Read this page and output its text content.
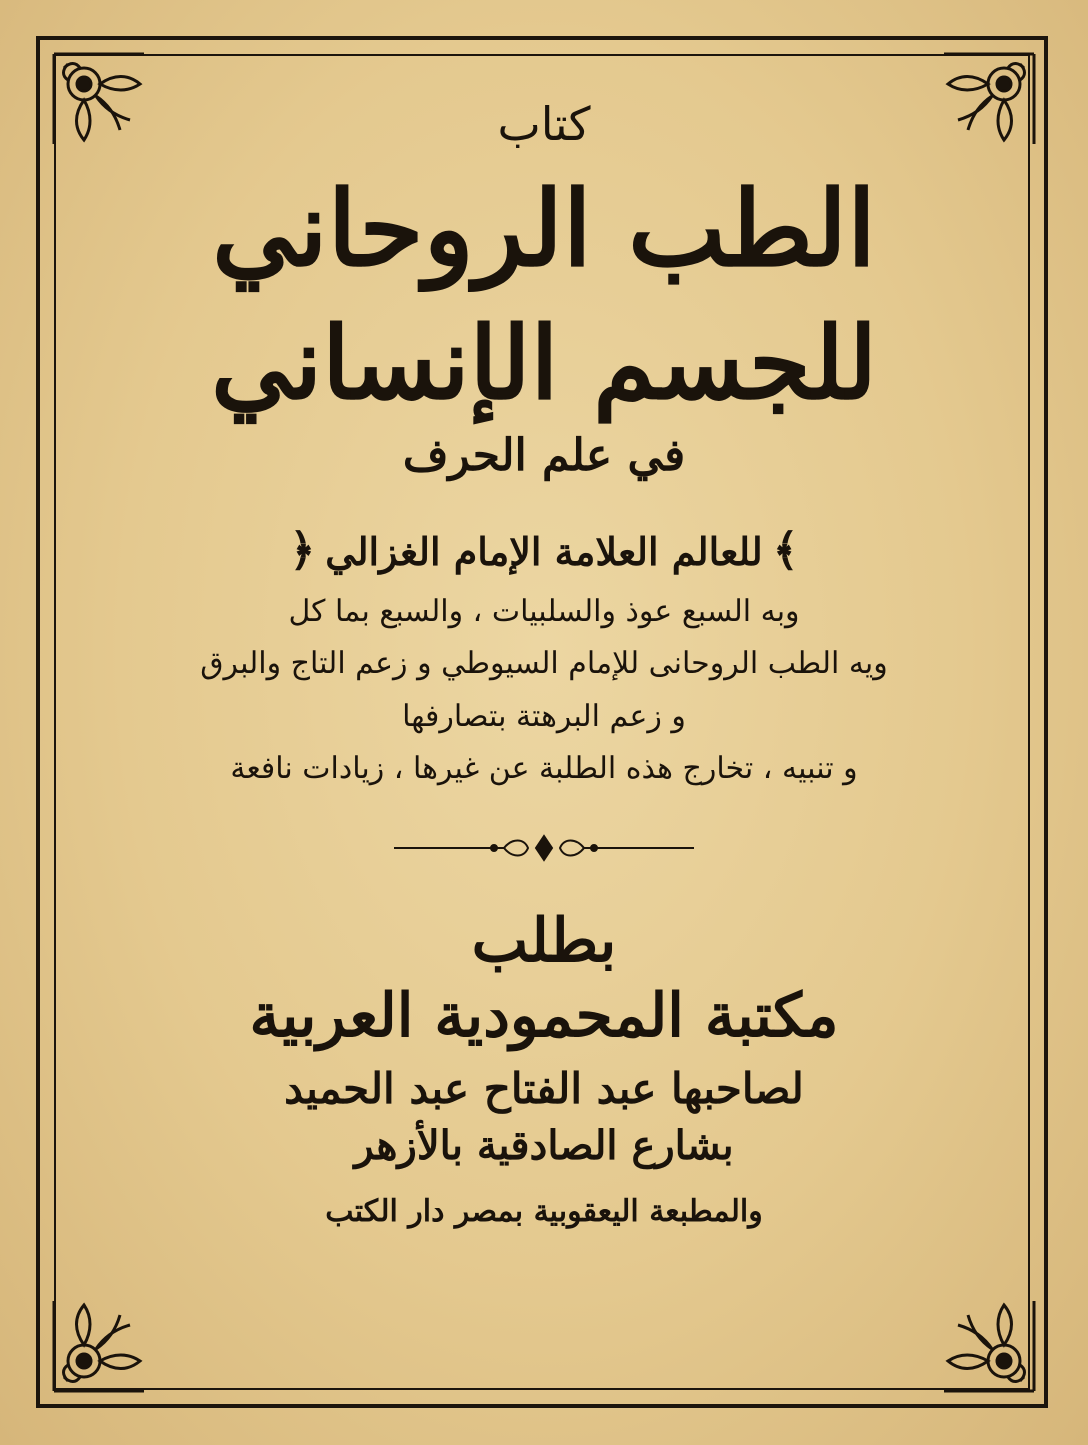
كتاب
الطب الروحاني
للجسم الإنساني
في علم الحرف
﴾للعالم العلامة الإمام الغزالي﴿
وبه السبع عوذ والسلبيات ، والسبع بما كل
ويه الطب الروحانى للإمام السيوطي و زعم التاج والبرق
و زعم البرهتة بتصارفها
و تنبيه ، تخارج هذه الطلبة عن غيرها ، زيادات نافعة
بطلب
مكتبة المحمودية العربية
لصاحبها عبد الفتاح عبد الحميد
بشارع الصادقية بالأزهر
والمطبعة اليعقوبية بمصر دار الكتب
